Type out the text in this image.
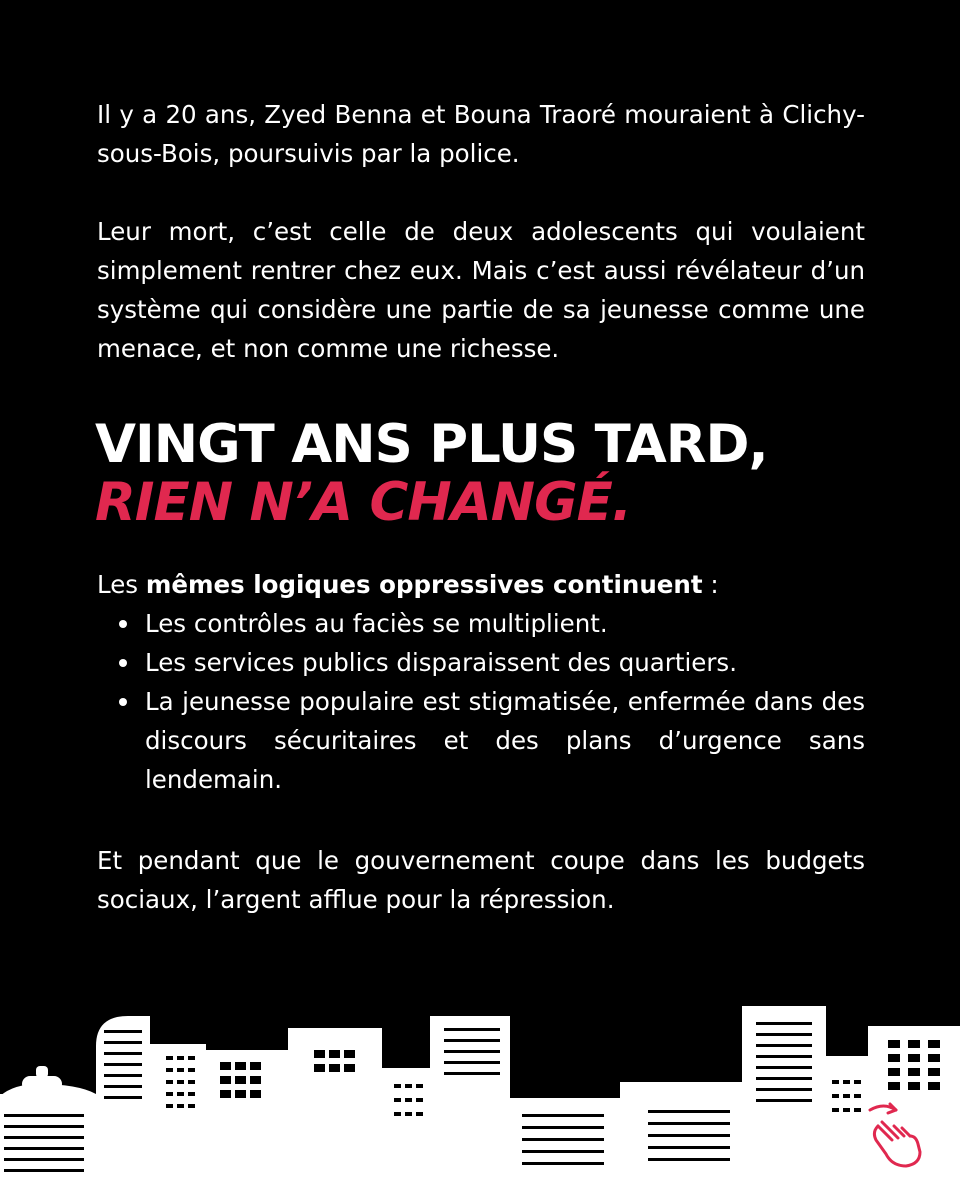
Il y a 20 ans, Zyed Benna et Bouna Traoré mouraient à Clichy-sous-Bois, poursuivis par la police.

Leur mort, c’est celle de deux adolescents qui voulaient simplement rentrer chez eux. Mais c’est aussi révélateur d’un système qui considère une partie de sa jeunesse comme une menace, et non comme une richesse.

VINGT ANS PLUS TARD,
RIEN N’A CHANGÉ.

Les mêmes logiques oppressives continuent :

Les contrôles au faciès se multiplient.
Les services publics disparaissent des quartiers.
La jeunesse populaire est stigmatisée, enfermée dans des discours sécuritaires et des plans d’urgence sans lendemain.

Et pendant que le gouvernement coupe dans les budgets sociaux, l’argent afflue pour la répression.
